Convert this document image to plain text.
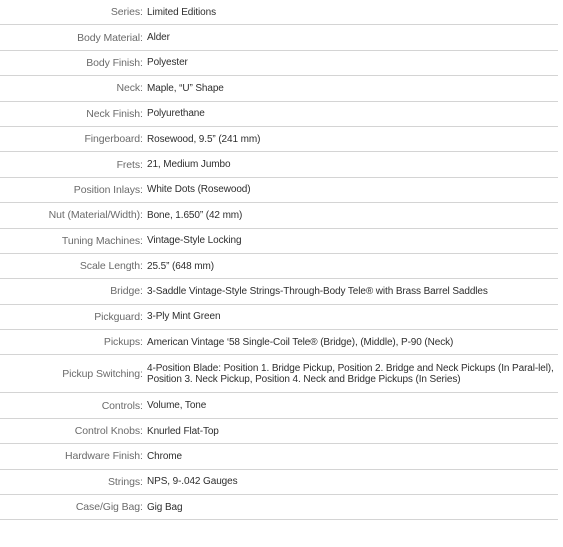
Series : Limited Editions
Body Material : Alder
Body Finish : Polyester
Neck : Maple, “U” Shape
Neck Finish : Polyurethane
Fingerboard : Rosewood, 9.5” (241 mm)
Frets : 21, Medium Jumbo
Position Inlays : White Dots (Rosewood)
Nut (Material/Width) : Bone, 1.650” (42 mm)
Tuning Machines : Vintage-Style Locking
Scale Length : 25.5” (648 mm)
Bridge : 3-Saddle Vintage-Style Strings-Through-Body Tele® with Brass Barrel Saddles
Pickguard : 3-Ply Mint Green
Pickups : American Vintage ‘58 Single-Coil Tele® (Bridge), (Middle), P-90 (Neck)
Pickup Switching : 4-Position Blade: Position 1. Bridge Pickup, Position 2. Bridge and Neck Pickups (In Paral-lel), Position 3. Neck Pickup, Position 4. Neck and Bridge Pickups (In Series)
Controls : Volume, Tone
Control Knobs : Knurled Flat-Top
Hardware Finish : Chrome
Strings : NPS, 9-.042 Gauges
Case/Gig Bag : Gig Bag
